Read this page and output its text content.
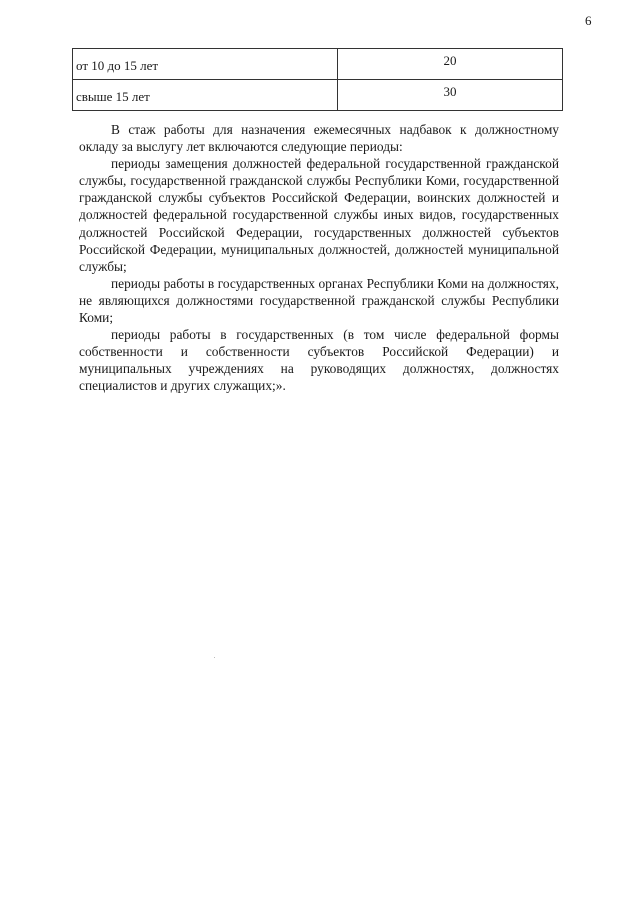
6
от 10 до 15 лет	20
свыше 15 лет	30

В стаж работы для назначения ежемесячных надбавок к должностному окладу за выслугу лет включаются следующие периоды:

периоды замещения должностей федеральной государственной гражданской службы, государственной гражданской службы Республики Коми, государственной гражданской службы субъектов Российской Федерации, воинских должностей и должностей федеральной государственной службы иных видов, государственных должностей Российской Федерации, государственных должностей субъектов Российской Федерации, муниципальных должностей, должностей муниципальной службы;

периоды работы в государственных органах Республики Коми на должностях, не являющихся должностями государственной гражданской службы Республики Коми;

периоды работы в государственных (в том числе федеральной формы собственности и собственности субъектов Российской Федерации) и муниципальных учреждениях на руководящих должностях, должностях специалистов и других служащих;».
